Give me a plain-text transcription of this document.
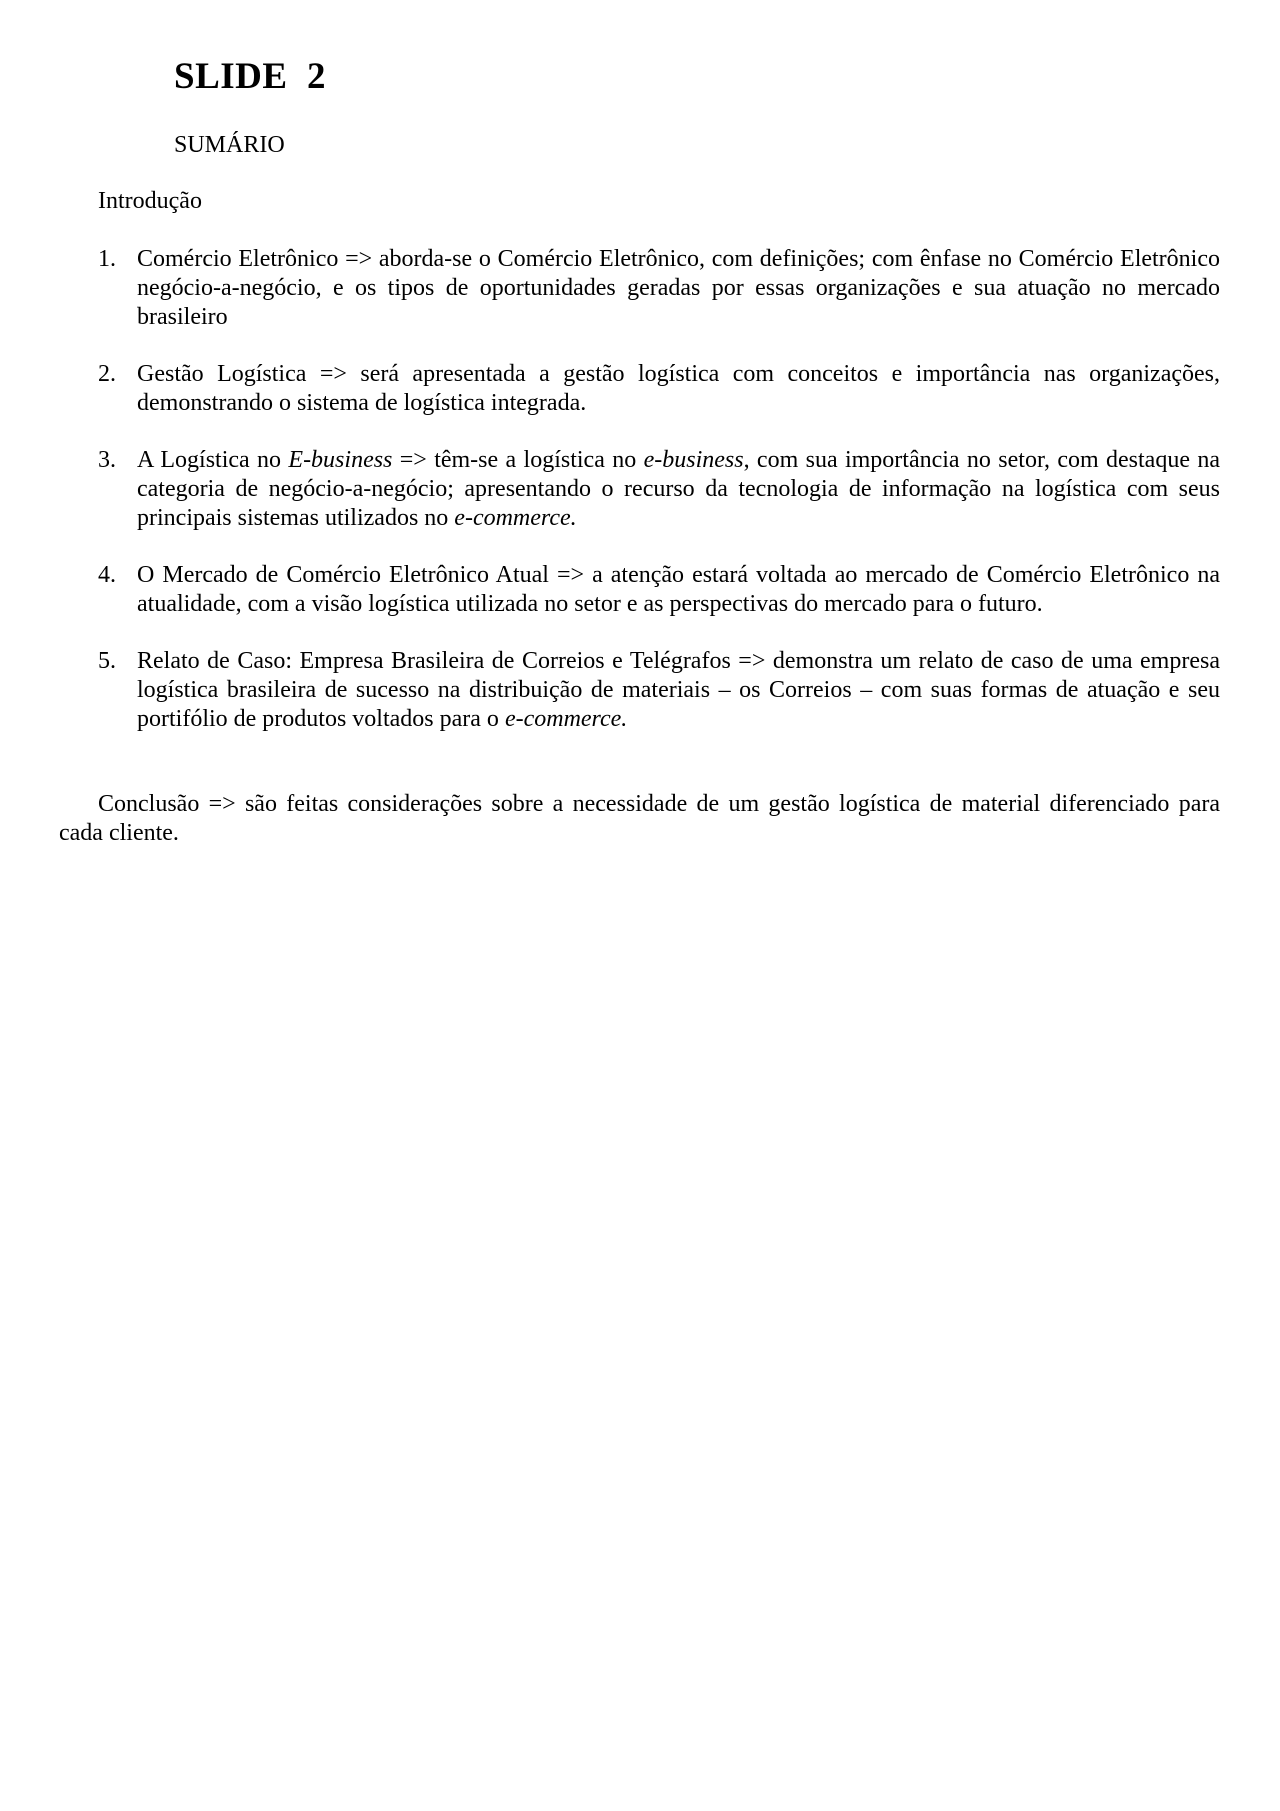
SLIDE  2
SUMÁRIO
Introdução
1. Comércio Eletrônico => aborda-se o Comércio Eletrônico, com definições; com ênfase no Comércio Eletrônico negócio-a-negócio, e os tipos de oportunidades geradas por essas organizações e sua atuação no mercado brasileiro
2. Gestão Logística => será apresentada a gestão logística com conceitos e importância nas organizações, demonstrando o sistema de logística integrada.
3. A Logística no E-business => têm-se a logística no e-business, com sua importância no setor, com destaque na categoria de negócio-a-negócio; apresentando o recurso da tecnologia de informação na logística com seus principais sistemas utilizados no e-commerce.
4. O Mercado de Comércio Eletrônico Atual => a atenção estará voltada ao mercado de Comércio Eletrônico na atualidade, com a visão logística utilizada no setor e as perspectivas do mercado para o futuro.
5. Relato de Caso: Empresa Brasileira de Correios e Telégrafos => demonstra um relato de caso de uma empresa logística brasileira de sucesso na distribuição de materiais – os Correios – com suas formas de atuação e seu portifólio de produtos voltados para o e-commerce.

Conclusão => são feitas considerações sobre a necessidade de um gestão logística de material diferenciado para cada cliente.
